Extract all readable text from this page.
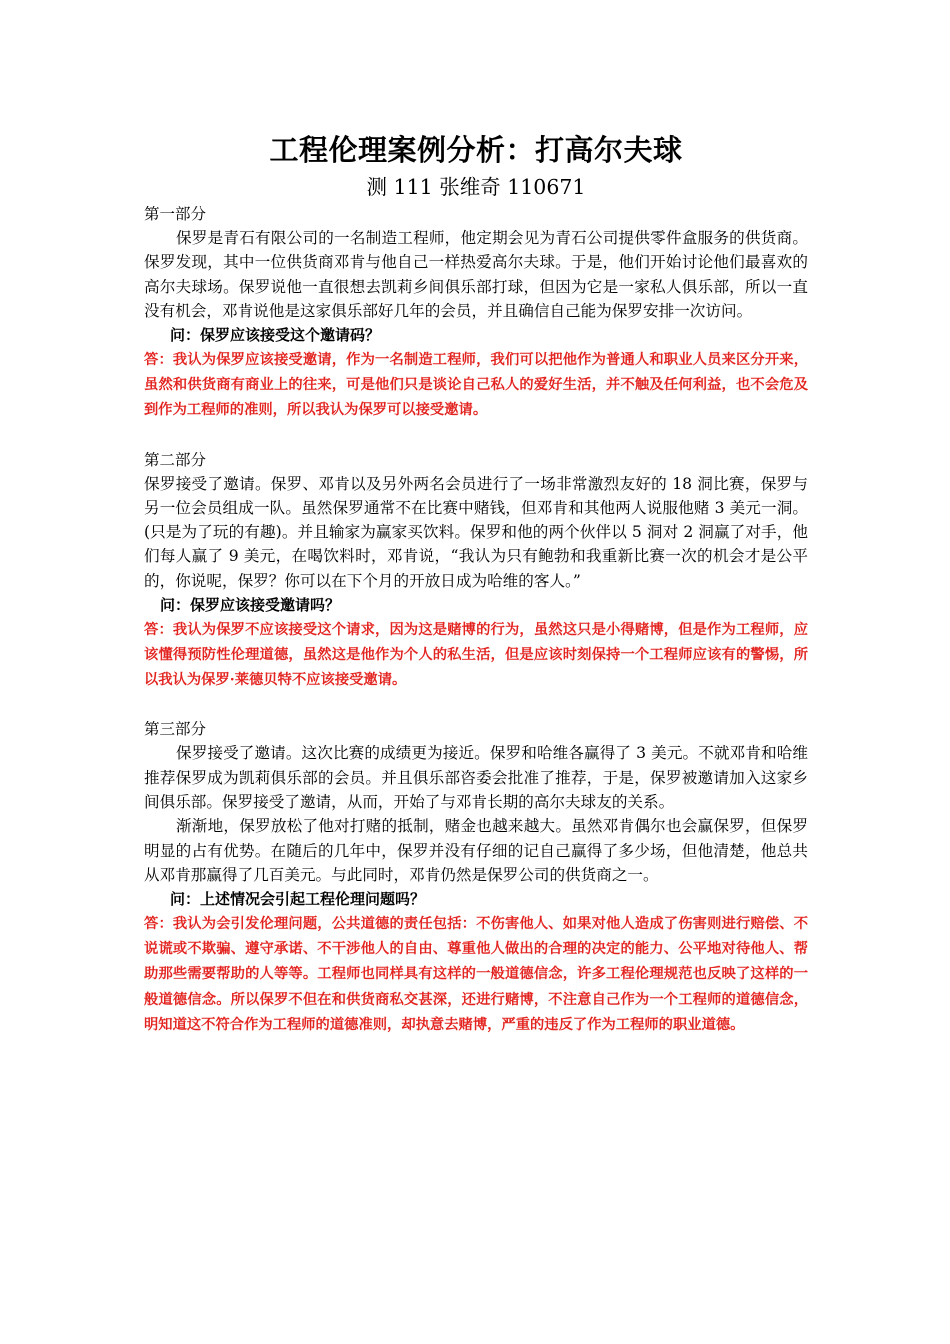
工程伦理案例分析：打高尔夫球

测 111 张维奇 110671

第一部分

保罗是青石有限公司的一名制造工程师，他定期会见为青石公司提供零件盒服务的供货商。保罗发现，其中一位供货商邓肯与他自己一样热爱高尔夫球。于是，他们开始讨论他们最喜欢的高尔夫球场。保罗说他一直很想去凯莉乡间俱乐部打球，但因为它是一家私人俱乐部，所以一直没有机会，邓肯说他是这家俱乐部好几年的会员，并且确信自己能为保罗安排一次访问。

问：保罗应该接受这个邀请码？

答：我认为保罗应该接受邀请，作为一名制造工程师，我们可以把他作为普通人和职业人员来区分开来，虽然和供货商有商业上的往来，可是他们只是谈论自己私人的爱好生活，并不触及任何利益，也不会危及到作为工程师的准则，所以我认为保罗可以接受邀请。

第二部分

保罗接受了邀请。保罗、邓肯以及另外两名会员进行了一场非常激烈友好的 18 洞比赛，保罗与另一位会员组成一队。虽然保罗通常不在比赛中赌钱，但邓肯和其他两人说服他赌 3 美元一洞。(只是为了玩的有趣)。并且输家为赢家买饮料。保罗和他的两个伙伴以 5 洞对 2 洞赢了对手，他们每人赢了 9 美元，在喝饮料时，邓肯说，“我认为只有鲍勃和我重新比赛一次的机会才是公平的，你说呢，保罗？你可以在下个月的开放日成为哈维的客人。”

问：保罗应该接受邀请吗？

答：我认为保罗不应该接受这个请求，因为这是赌博的行为，虽然这只是小得赌博，但是作为工程师，应该懂得预防性伦理道德，虽然这是他作为个人的私生活，但是应该时刻保持一个工程师应该有的警惕，所以我认为保罗·莱德贝特不应该接受邀请。

第三部分

保罗接受了邀请。这次比赛的成绩更为接近。保罗和哈维各赢得了 3 美元。不就邓肯和哈维推荐保罗成为凯莉俱乐部的会员。并且俱乐部咨委会批准了推荐，于是，保罗被邀请加入这家乡间俱乐部。保罗接受了邀请，从而，开始了与邓肯长期的高尔夫球友的关系。

渐渐地，保罗放松了他对打赌的抵制，赌金也越来越大。虽然邓肯偶尔也会赢保罗，但保罗明显的占有优势。在随后的几年中，保罗并没有仔细的记自己赢得了多少场，但他清楚，他总共从邓肯那赢得了几百美元。与此同时，邓肯仍然是保罗公司的供货商之一。

问：上述情况会引起工程伦理问题吗？

答：我认为会引发伦理问题，公共道德的责任包括：不伤害他人、如果对他人造成了伤害则进行赔偿、不说谎或不欺骗、遵守承诺、不干涉他人的自由、尊重他人做出的合理的决定的能力、公平地对待他人、帮助那些需要帮助的人等等。工程师也同样具有这样的一般道德信念，许多工程伦理规范也反映了这样的一般道德信念。所以保罗不但在和供货商私交甚深，还进行赌博，不注意自己作为一个工程师的道德信念，明知道这不符合作为工程师的道德准则，却执意去赌博，严重的违反了作为工程师的职业道德。
